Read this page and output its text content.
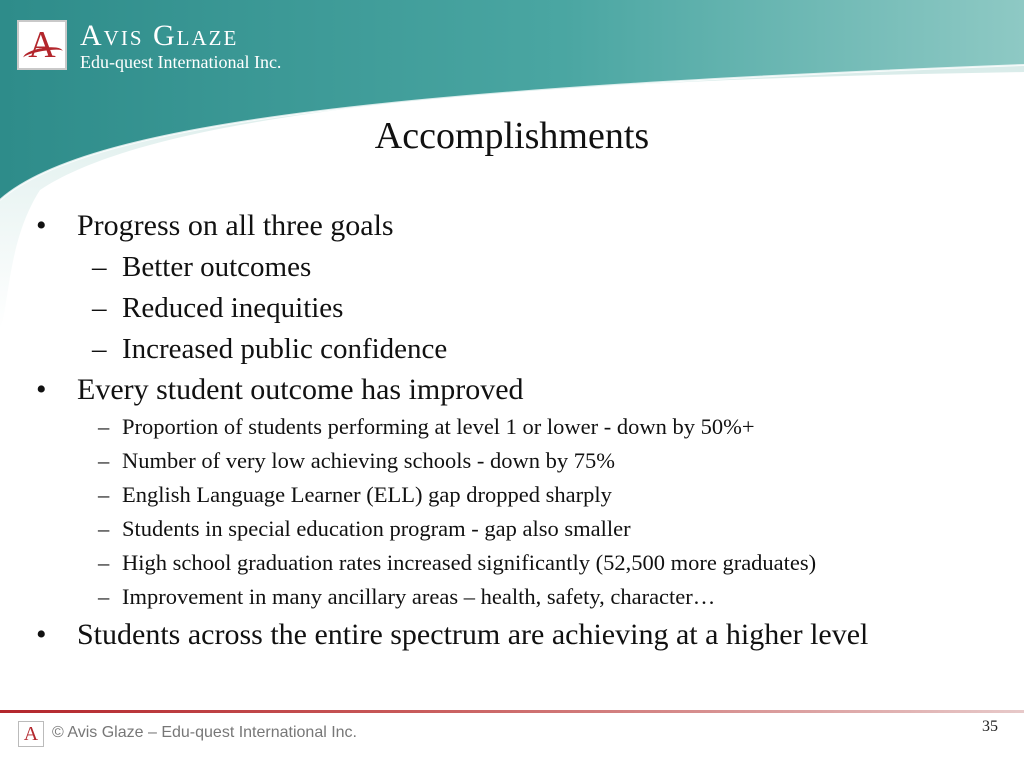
A Avis Glaze
Edu-quest International Inc.
Accomplishments
• Progress on all three goals
– Better outcomes
– Reduced inequities
– Increased public confidence
• Every student outcome has improved
– Proportion of students performing at level 1 or lower - down by 50%+
– Number of very low achieving schools - down by 75%
– English Language Learner (ELL) gap dropped sharply
– Students in special education program - gap also smaller
– High school graduation rates increased significantly (52,500 more graduates)
– Improvement in many ancillary areas – health, safety, character…
• Students across the entire spectrum are achieving at a higher level
A © Avis Glaze – Edu-quest International Inc.	35
